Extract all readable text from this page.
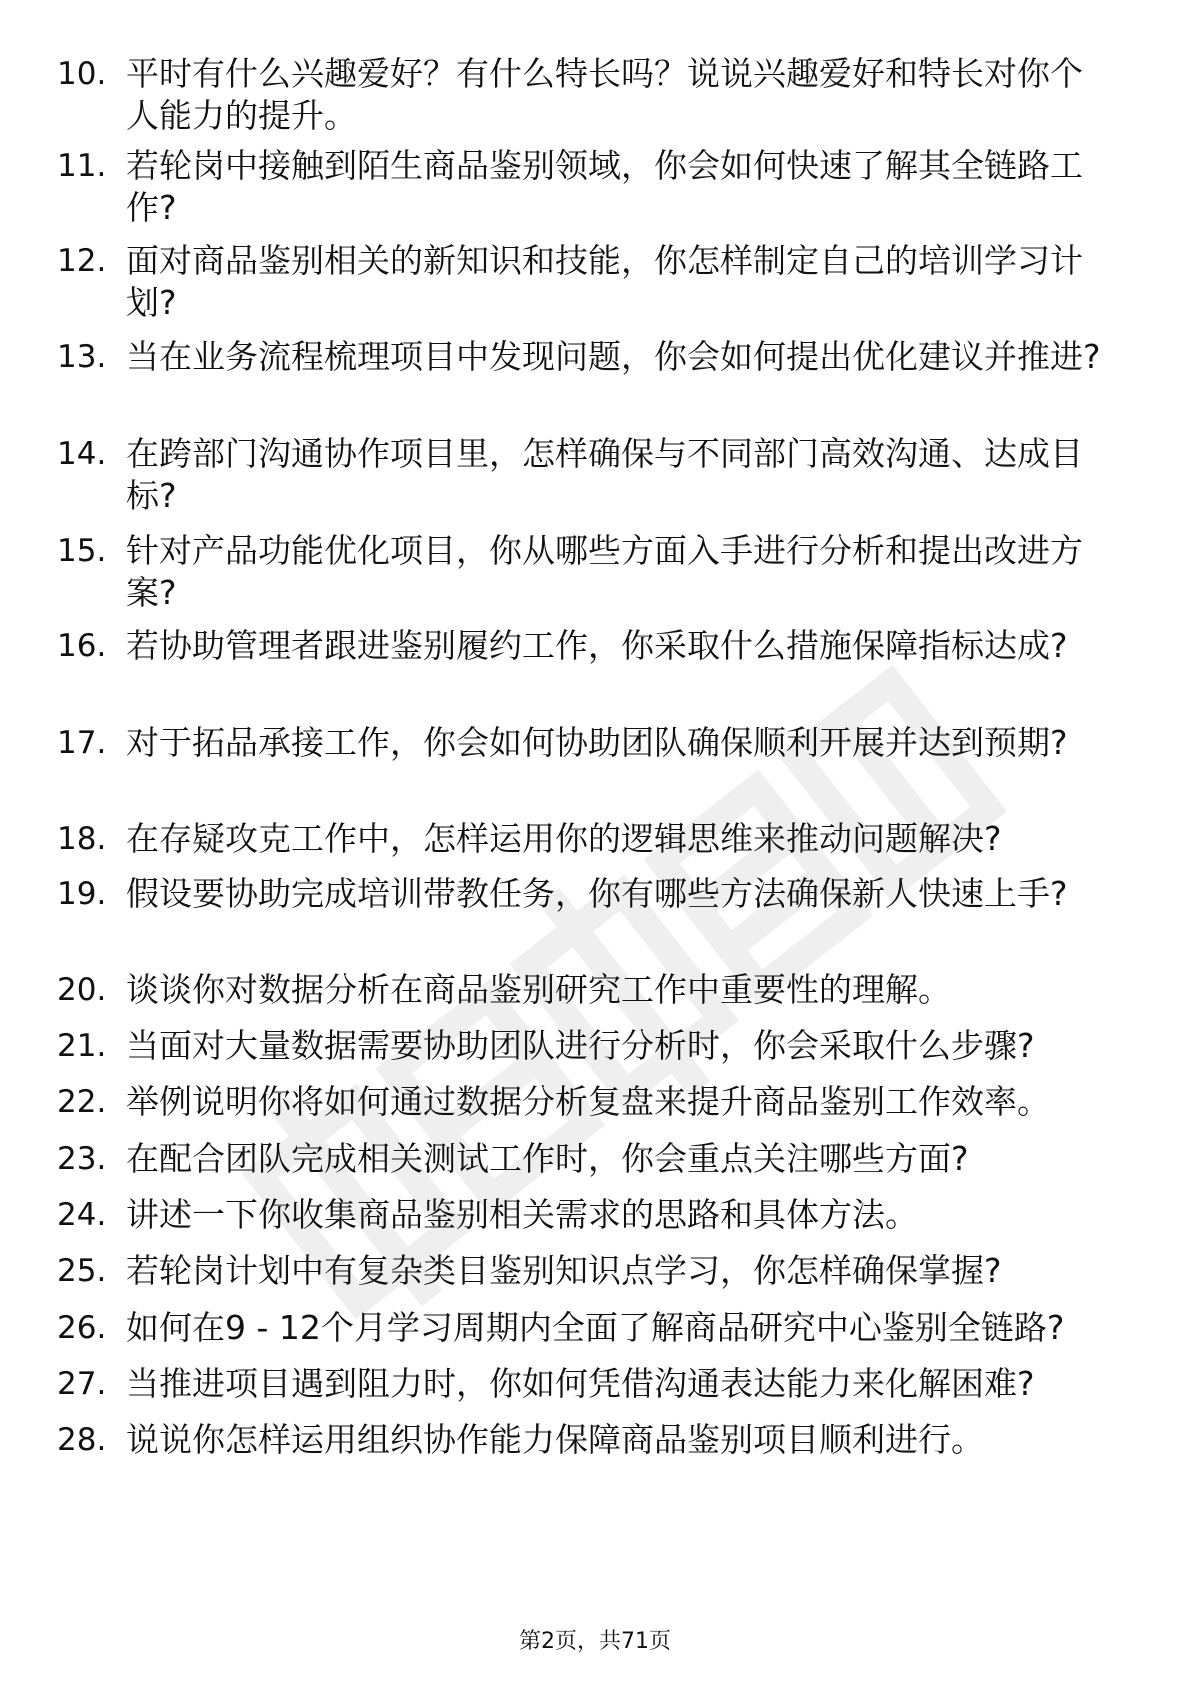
10. 平时有什么兴趣爱好？有什么特长吗？说说兴趣爱好和特长对你个人能力的提升。
11. 若轮岗中接触到陌生商品鉴别领域，你会如何快速了解其全链路工作?
12. 面对商品鉴别相关的新知识和技能，你怎样制定自己的培训学习计划?
13. 当在业务流程梳理项目中发现问题，你会如何提出优化建议并推进?
14. 在跨部门沟通协作项目里，怎样确保与不同部门高效沟通、达成目标?
15. 针对产品功能优化项目，你从哪些方面入手进行分析和提出改进方案?
16. 若协助管理者跟进鉴别履约工作，你采取什么措施保障指标达成?
17. 对于拓品承接工作，你会如何协助团队确保顺利开展并达到预期?
18. 在存疑攻克工作中，怎样运用你的逻辑思维来推动问题解决?
19. 假设要协助完成培训带教任务，你有哪些方法确保新人快速上手?
20. 谈谈你对数据分析在商品鉴别研究工作中重要性的理解。
21. 当面对大量数据需要协助团队进行分析时，你会采取什么步骤?
22. 举例说明你将如何通过数据分析复盘来提升商品鉴别工作效率。
23. 在配合团队完成相关测试工作时，你会重点关注哪些方面?
24. 讲述一下你收集商品鉴别相关需求的思路和具体方法。
25. 若轮岗计划中有复杂类目鉴别知识点学习，你怎样确保掌握?
26. 如何在9 - 12个月学习周期内全面了解商品研究中心鉴别全链路?
27. 当推进项目遇到阻力时，你如何凭借沟通表达能力来化解困难?
28. 说说你怎样运用组织协作能力保障商品鉴别项目顺利进行。
第2页，共71页
